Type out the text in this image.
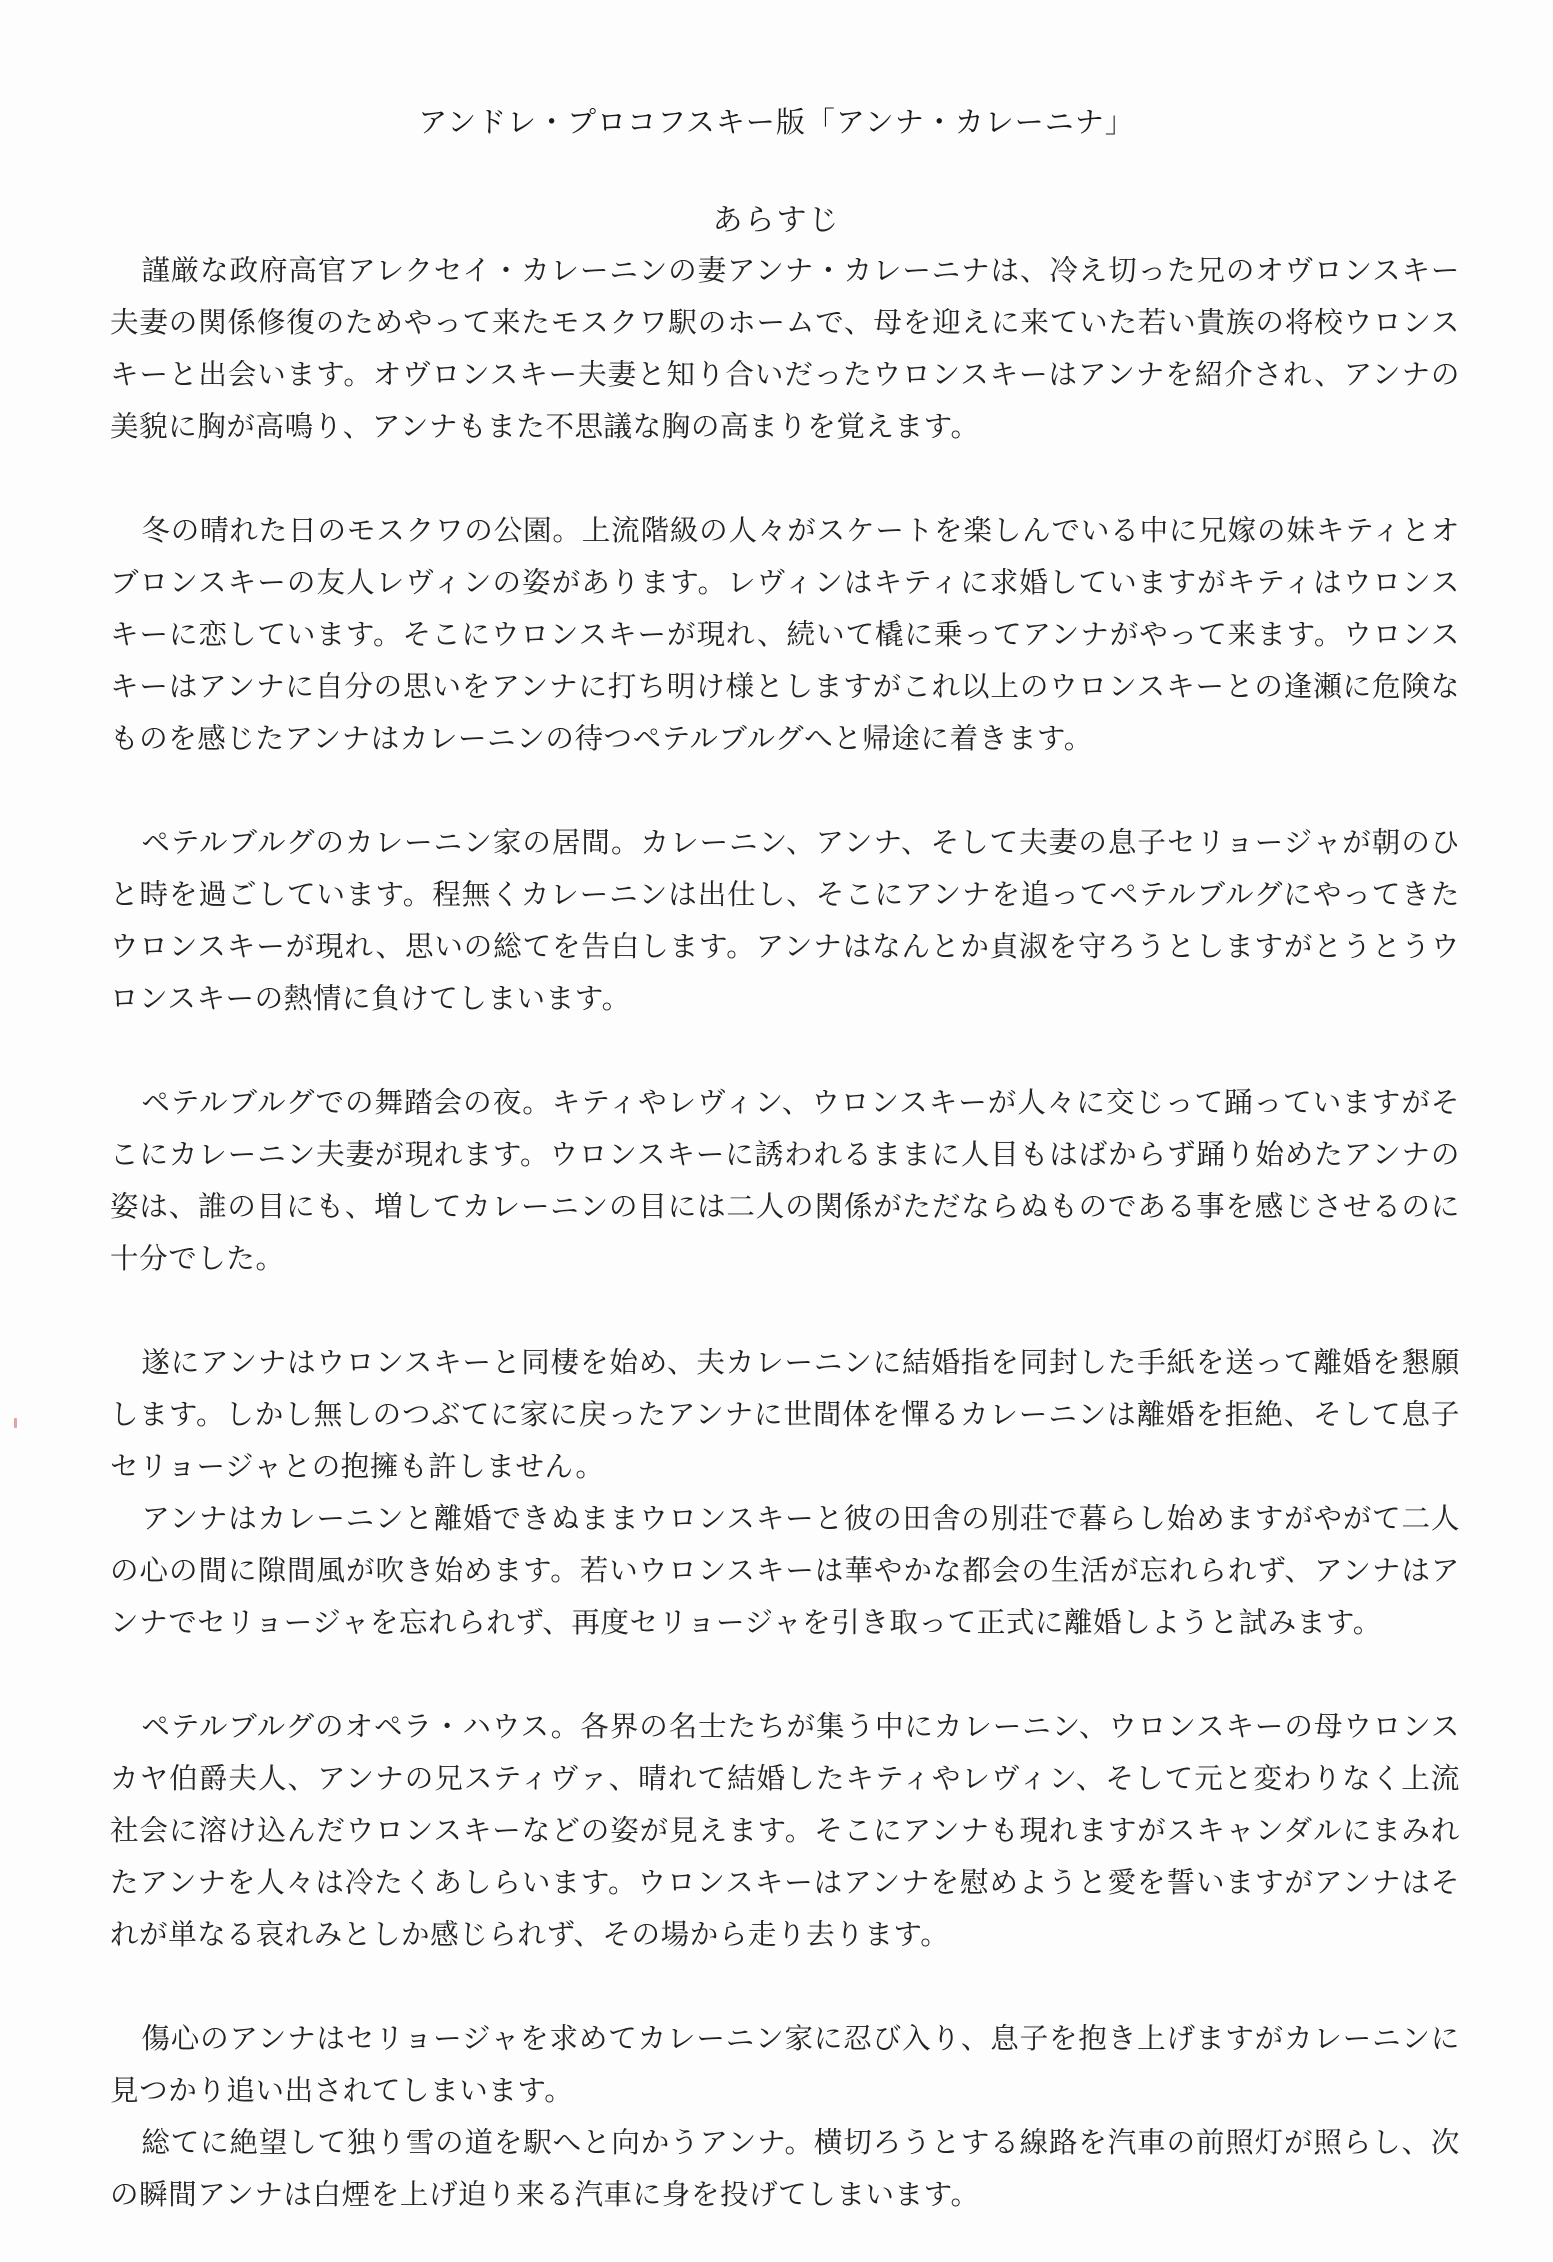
アンドレ・プロコフスキー版「アンナ・カレーニナ」
あらすじ

謹厳な政府高官アレクセイ・カレーニンの妻アンナ・カレーニナは、冷え切った兄のオヴロンスキー夫妻の関係修復のためやって来たモスクワ駅のホームで、母を迎えに来ていた若い貴族の将校ウロンスキーと出会います。オヴロンスキー夫妻と知り合いだったウロンスキーはアンナを紹介され、アンナの美貌に胸が高鳴り、アンナもまた不思議な胸の高まりを覚えます。

冬の晴れた日のモスクワの公園。上流階級の人々がスケートを楽しんでいる中に兄嫁の妹キティとオブロンスキーの友人レヴィンの姿があります。レヴィンはキティに求婚していますがキティはウロンスキーに恋しています。そこにウロンスキーが現れ、続いて橇に乗ってアンナがやって来ます。ウロンスキーはアンナに自分の思いをアンナに打ち明け様としますがこれ以上のウロンスキーとの逢瀬に危険なものを感じたアンナはカレーニンの待つペテルブルグへと帰途に着きます。

ペテルブルグのカレーニン家の居間。カレーニン、アンナ、そして夫妻の息子セリョージャが朝のひと時を過ごしています。程無くカレーニンは出仕し、そこにアンナを追ってペテルブルグにやってきたウロンスキーが現れ、思いの総てを告白します。アンナはなんとか貞淑を守ろうとしますがとうとうウロンスキーの熱情に負けてしまいます。

ペテルブルグでの舞踏会の夜。キティやレヴィン、ウロンスキーが人々に交じって踊っていますがそこにカレーニン夫妻が現れます。ウロンスキーに誘われるままに人目もはばからず踊り始めたアンナの姿は、誰の目にも、増してカレーニンの目には二人の関係がただならぬものである事を感じさせるのに十分でした。

遂にアンナはウロンスキーと同棲を始め、夫カレーニンに結婚指を同封した手紙を送って離婚を懇願します。しかし無しのつぶてに家に戻ったアンナに世間体を憚るカレーニンは離婚を拒絶、そして息子セリョージャとの抱擁も許しません。

アンナはカレーニンと離婚できぬままウロンスキーと彼の田舎の別荘で暮らし始めますがやがて二人の心の間に隙間風が吹き始めます。若いウロンスキーは華やかな都会の生活が忘れられず、アンナはアンナでセリョージャを忘れられず、再度セリョージャを引き取って正式に離婚しようと試みます。

ペテルブルグのオペラ・ハウス。各界の名士たちが集う中にカレーニン、ウロンスキーの母ウロンスカヤ伯爵夫人、アンナの兄スティヴァ、晴れて結婚したキティやレヴィン、そして元と変わりなく上流社会に溶け込んだウロンスキーなどの姿が見えます。そこにアンナも現れますがスキャンダルにまみれたアンナを人々は冷たくあしらいます。ウロンスキーはアンナを慰めようと愛を誓いますがアンナはそれが単なる哀れみとしか感じられず、その場から走り去ります。

傷心のアンナはセリョージャを求めてカレーニン家に忍び入り、息子を抱き上げますがカレーニンに見つかり追い出されてしまいます。

総てに絶望して独り雪の道を駅へと向かうアンナ。横切ろうとする線路を汽車の前照灯が照らし、次の瞬間アンナは白煙を上げ迫り来る汽車に身を投げてしまいます。
